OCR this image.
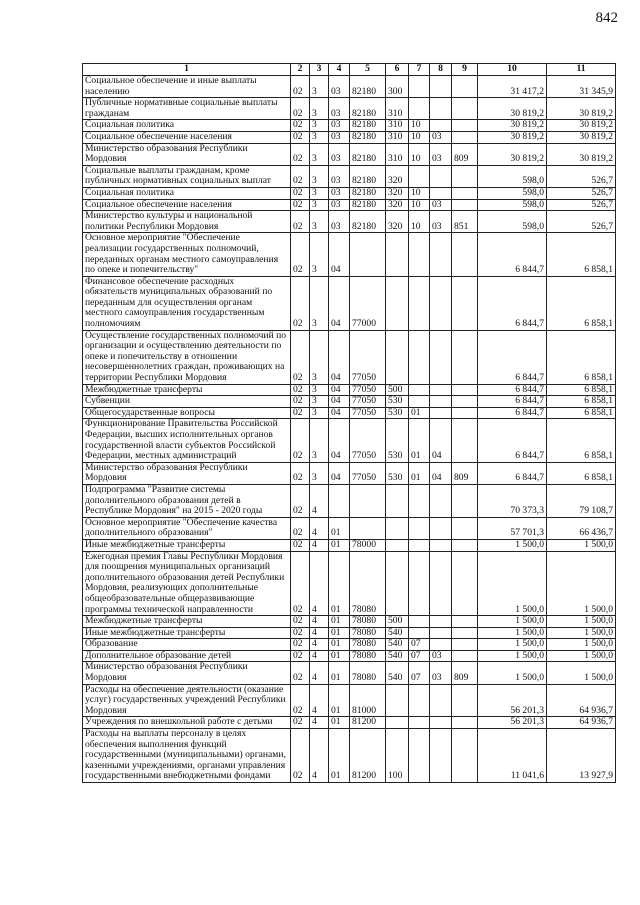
842
1	2	3	4	5	6	7	8	9	10	11
Социальное обеспечение и иные выплаты населению	02	3	03	82180	300				31 417,2	31 345,9
Публичные нормативные социальные выплаты гражданам	02	3	03	82180	310				30 819,2	30 819,2
Социальная политика	02	3	03	82180	310	10			30 819,2	30 819,2
Социальное обеспечение населения	02	3	03	82180	310	10	03		30 819,2	30 819,2
Министерство образования Республики Мордовия	02	3	03	82180	310	10	03	809	30 819,2	30 819,2
Социальные выплаты гражданам, кроме публичных нормативных социальных выплат	02	3	03	82180	320				598,0	526,7
Социальная политика	02	3	03	82180	320	10			598,0	526,7
Социальное обеспечение населения	02	3	03	82180	320	10	03		598,0	526,7
Министерство культуры и национальной политики Республики Мордовия	02	3	03	82180	320	10	03	851	598,0	526,7
Основное мероприятие "Обеспечение реализации государственных полномочий, переданных органам местного самоуправления по опеке и попечительству"	02	3	04						6 844,7	6 858,1
Финансовое обеспечение расходных обязательств муниципальных образований по переданным для осуществления органам местного самоуправления государственным полномочиям	02	3	04	77000					6 844,7	6 858,1
Осуществление государственных полномочий по организации и осуществлению деятельности по опеке и попечительству в отношении несовершеннолетних граждан, проживающих на территории Республики Мордовия	02	3	04	77050					6 844,7	6 858,1
Межбюджетные трансферты	02	3	04	77050	500				6 844,7	6 858,1
Субвенции	02	3	04	77050	530				6 844,7	6 858,1
Общегосударственные вопросы	02	3	04	77050	530	01			6 844,7	6 858,1
Функционирование Правительства Российской Федерации, высших исполнительных органов государственной власти субъектов Российской Федерации, местных администраций	02	3	04	77050	530	01	04		6 844,7	6 858,1
Министерство образования Республики Мордовия	02	3	04	77050	530	01	04	809	6 844,7	6 858,1
Подпрограмма "Развитие системы дополнительного образования детей в Республике Мордовия" на 2015 - 2020 годы	02	4							70 373,3	79 108,7
Основное мероприятие "Обеспечение качества дополнительного образования"	02	4	01						57 701,3	66 436,7
Иные межбюджетные трансферты	02	4	01	78000					1 500,0	1 500,0
Ежегодная премия Главы Республики Мордовия для поощрения муниципальных организаций дополнительного образования детей Республики Мордовия, реализующих дополнительные общеобразовательные общеразвивающие программы технической направленности	02	4	01	78080					1 500,0	1 500,0
Межбюджетные трансферты	02	4	01	78080	500				1 500,0	1 500,0
Иные межбюджетные трансферты	02	4	01	78080	540				1 500,0	1 500,0
Образование	02	4	01	78080	540	07			1 500,0	1 500,0
Дополнительное образование детей	02	4	01	78080	540	07	03		1 500,0	1 500,0
Министерство образования Республики Мордовия	02	4	01	78080	540	07	03	809	1 500,0	1 500,0
Расходы на обеспечение деятельности (оказание услуг) государственных учреждений Республики Мордовия	02	4	01	81000					56 201,3	64 936,7
Учреждения по внешкольной работе с детьми	02	4	01	81200					56 201,3	64 936,7
Расходы на выплаты персоналу в целях обеспечения выполнения функций государственными (муниципальными) органами, казенными учреждениями, органами управления государственными внебюджетными фондами	02	4	01	81200	100				11 041,6	13 927,9
